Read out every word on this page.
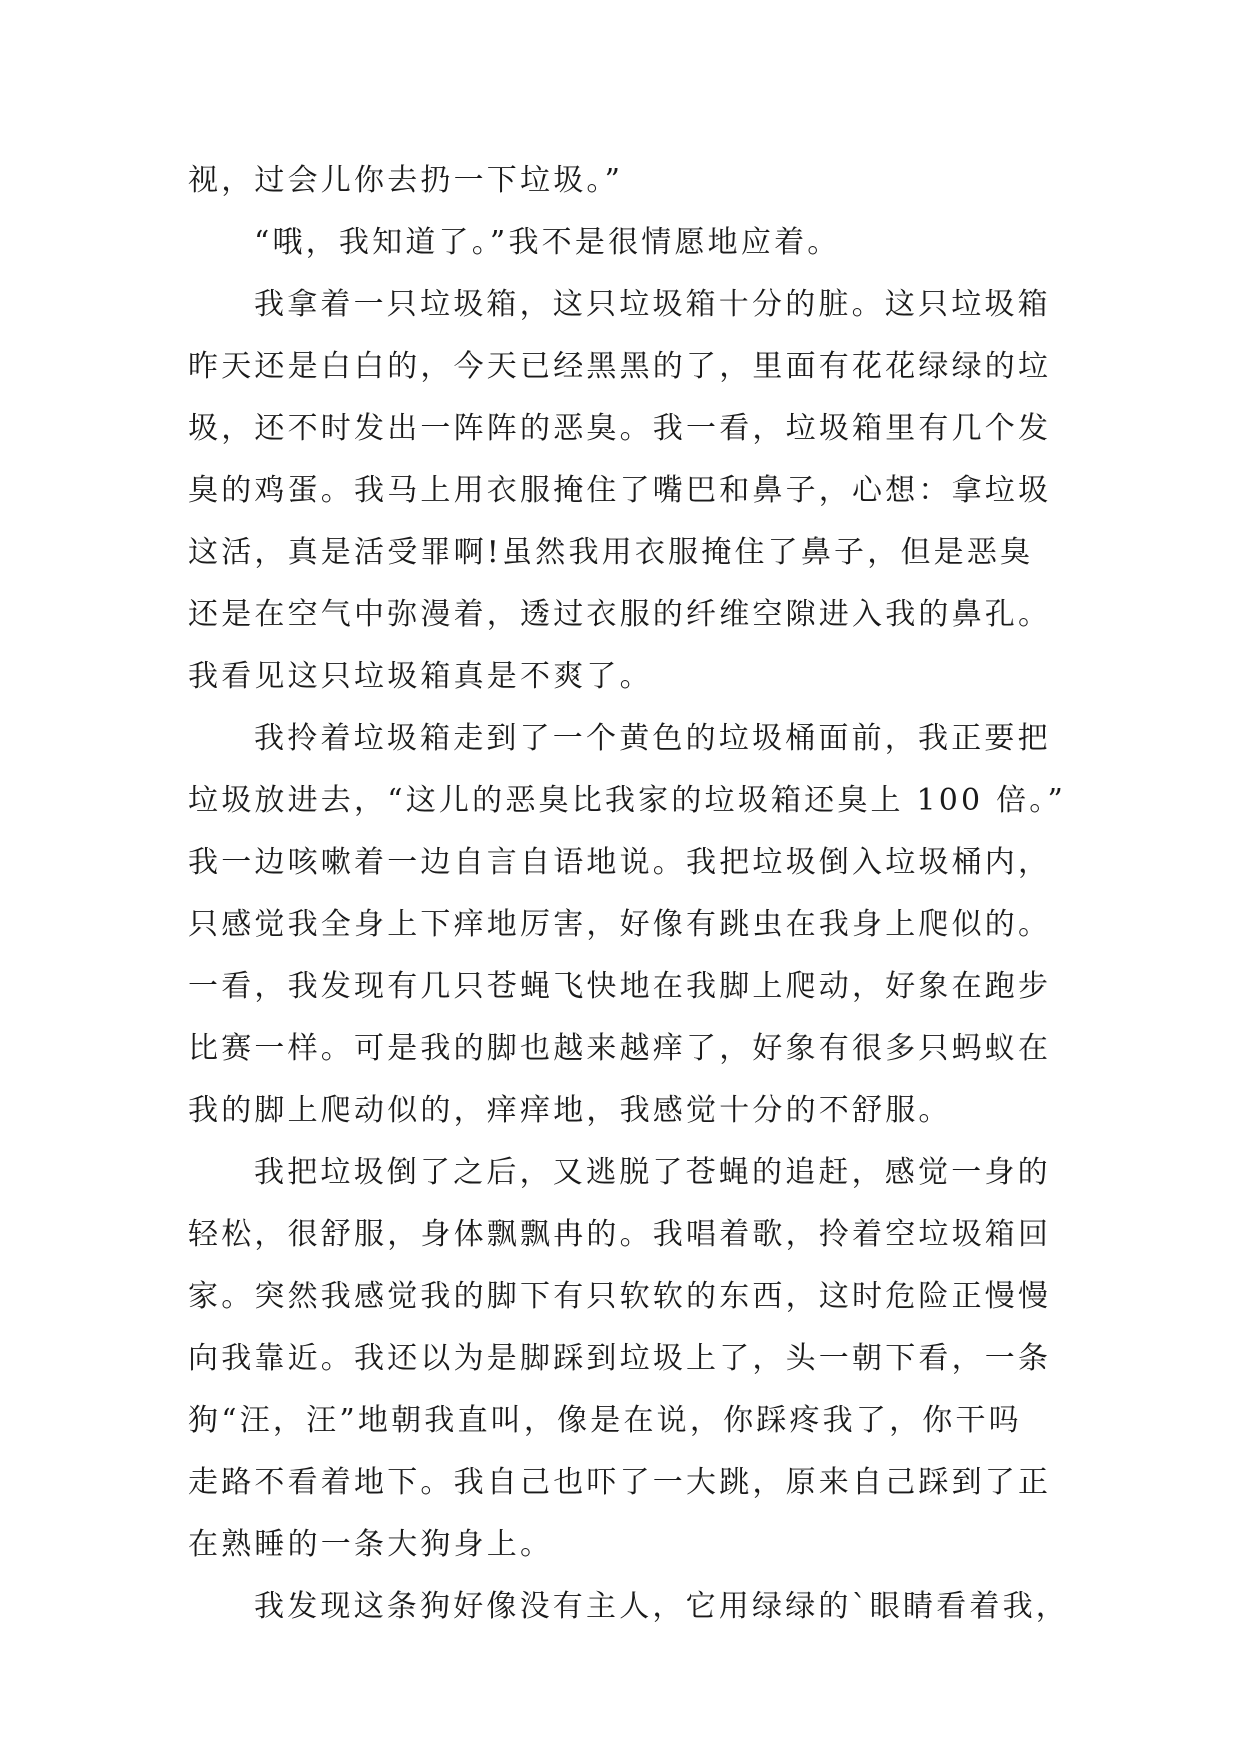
视，过会儿你去扔一下垃圾。”
“哦，我知道了。”我不是很情愿地应着。
我拿着一只垃圾箱，这只垃圾箱十分的脏。这只垃圾箱
昨天还是白白的，今天已经黑黑的了，里面有花花绿绿的垃
圾，还不时发出一阵阵的恶臭。我一看，垃圾箱里有几个发
臭的鸡蛋。我马上用衣服掩住了嘴巴和鼻子，心想：拿垃圾
这活，真是活受罪啊!虽然我用衣服掩住了鼻子，但是恶臭
还是在空气中弥漫着，透过衣服的纤维空隙进入我的鼻孔。
我看见这只垃圾箱真是不爽了。
我拎着垃圾箱走到了一个黄色的垃圾桶面前，我正要把
垃圾放进去，“这儿的恶臭比我家的垃圾箱还臭上 100 倍。”
我一边咳嗽着一边自言自语地说。我把垃圾倒入垃圾桶内，
只感觉我全身上下痒地厉害，好像有跳虫在我身上爬似的。
一看，我发现有几只苍蝇飞快地在我脚上爬动，好象在跑步
比赛一样。可是我的脚也越来越痒了，好象有很多只蚂蚁在
我的脚上爬动似的，痒痒地，我感觉十分的不舒服。
我把垃圾倒了之后，又逃脱了苍蝇的追赶，感觉一身的
轻松，很舒服，身体飘飘冉的。我唱着歌，拎着空垃圾箱回
家。突然我感觉我的脚下有只软软的东西，这时危险正慢慢
向我靠近。我还以为是脚踩到垃圾上了，头一朝下看，一条
狗“汪，汪”地朝我直叫，像是在说，你踩疼我了，你干吗
走路不看着地下。我自己也吓了一大跳，原来自己踩到了正
在熟睡的一条大狗身上。
我发现这条狗好像没有主人，它用绿绿的`眼睛看着我，
